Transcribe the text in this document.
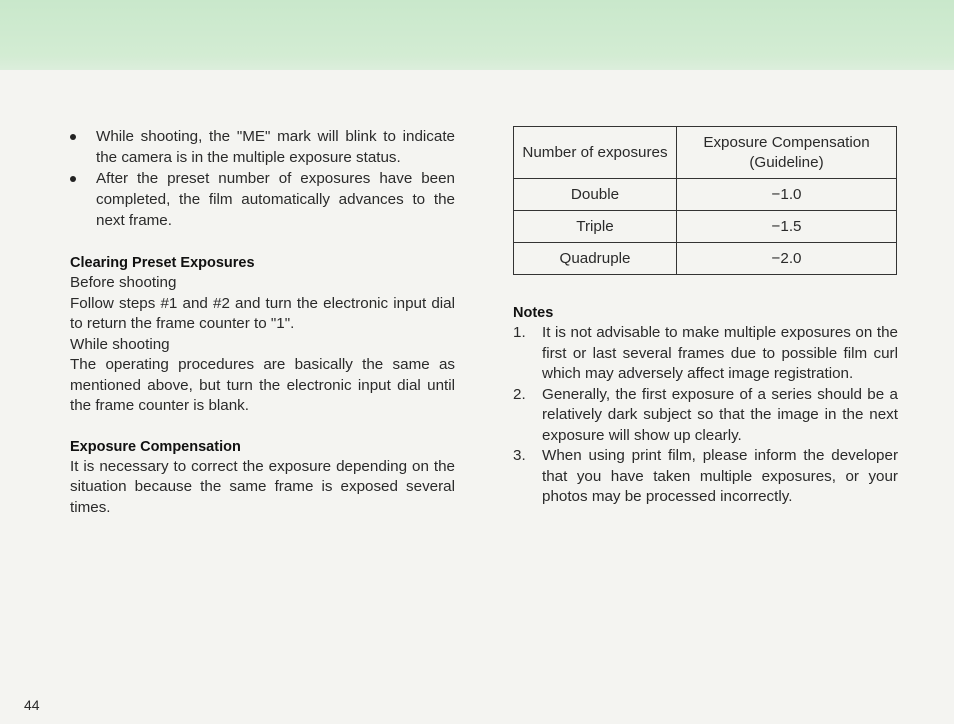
While shooting, the "ME" mark will blink to indicate the camera is in the multiple exposure status.
After the preset number of exposures have been completed, the film automatically advances to the next frame.
Clearing Preset Exposures

Before shooting

Follow steps #1 and #2 and turn the electronic input dial to return the frame counter to "1".

While shooting

The operating procedures are basically the same as mentioned above, but turn the electronic input dial until the frame counter is blank.

Exposure Compensation

It is necessary to correct the exposure depending on the situation because the same frame is exposed several times.

Number of exposures	Exposure Compensation (Guideline)
Double	−1.0
Triple	−1.5
Quadruple	−2.0
Notes
1. It is not advisable to make multiple exposures on the first or last several frames due to possible film curl which may adversely affect image registration.
2. Generally, the first exposure of a series should be a relatively dark subject so that the image in the next exposure will show up clearly.
3. When using print film, please inform the developer that you have taken multiple exposures, or your photos may be processed incorrectly.
44
